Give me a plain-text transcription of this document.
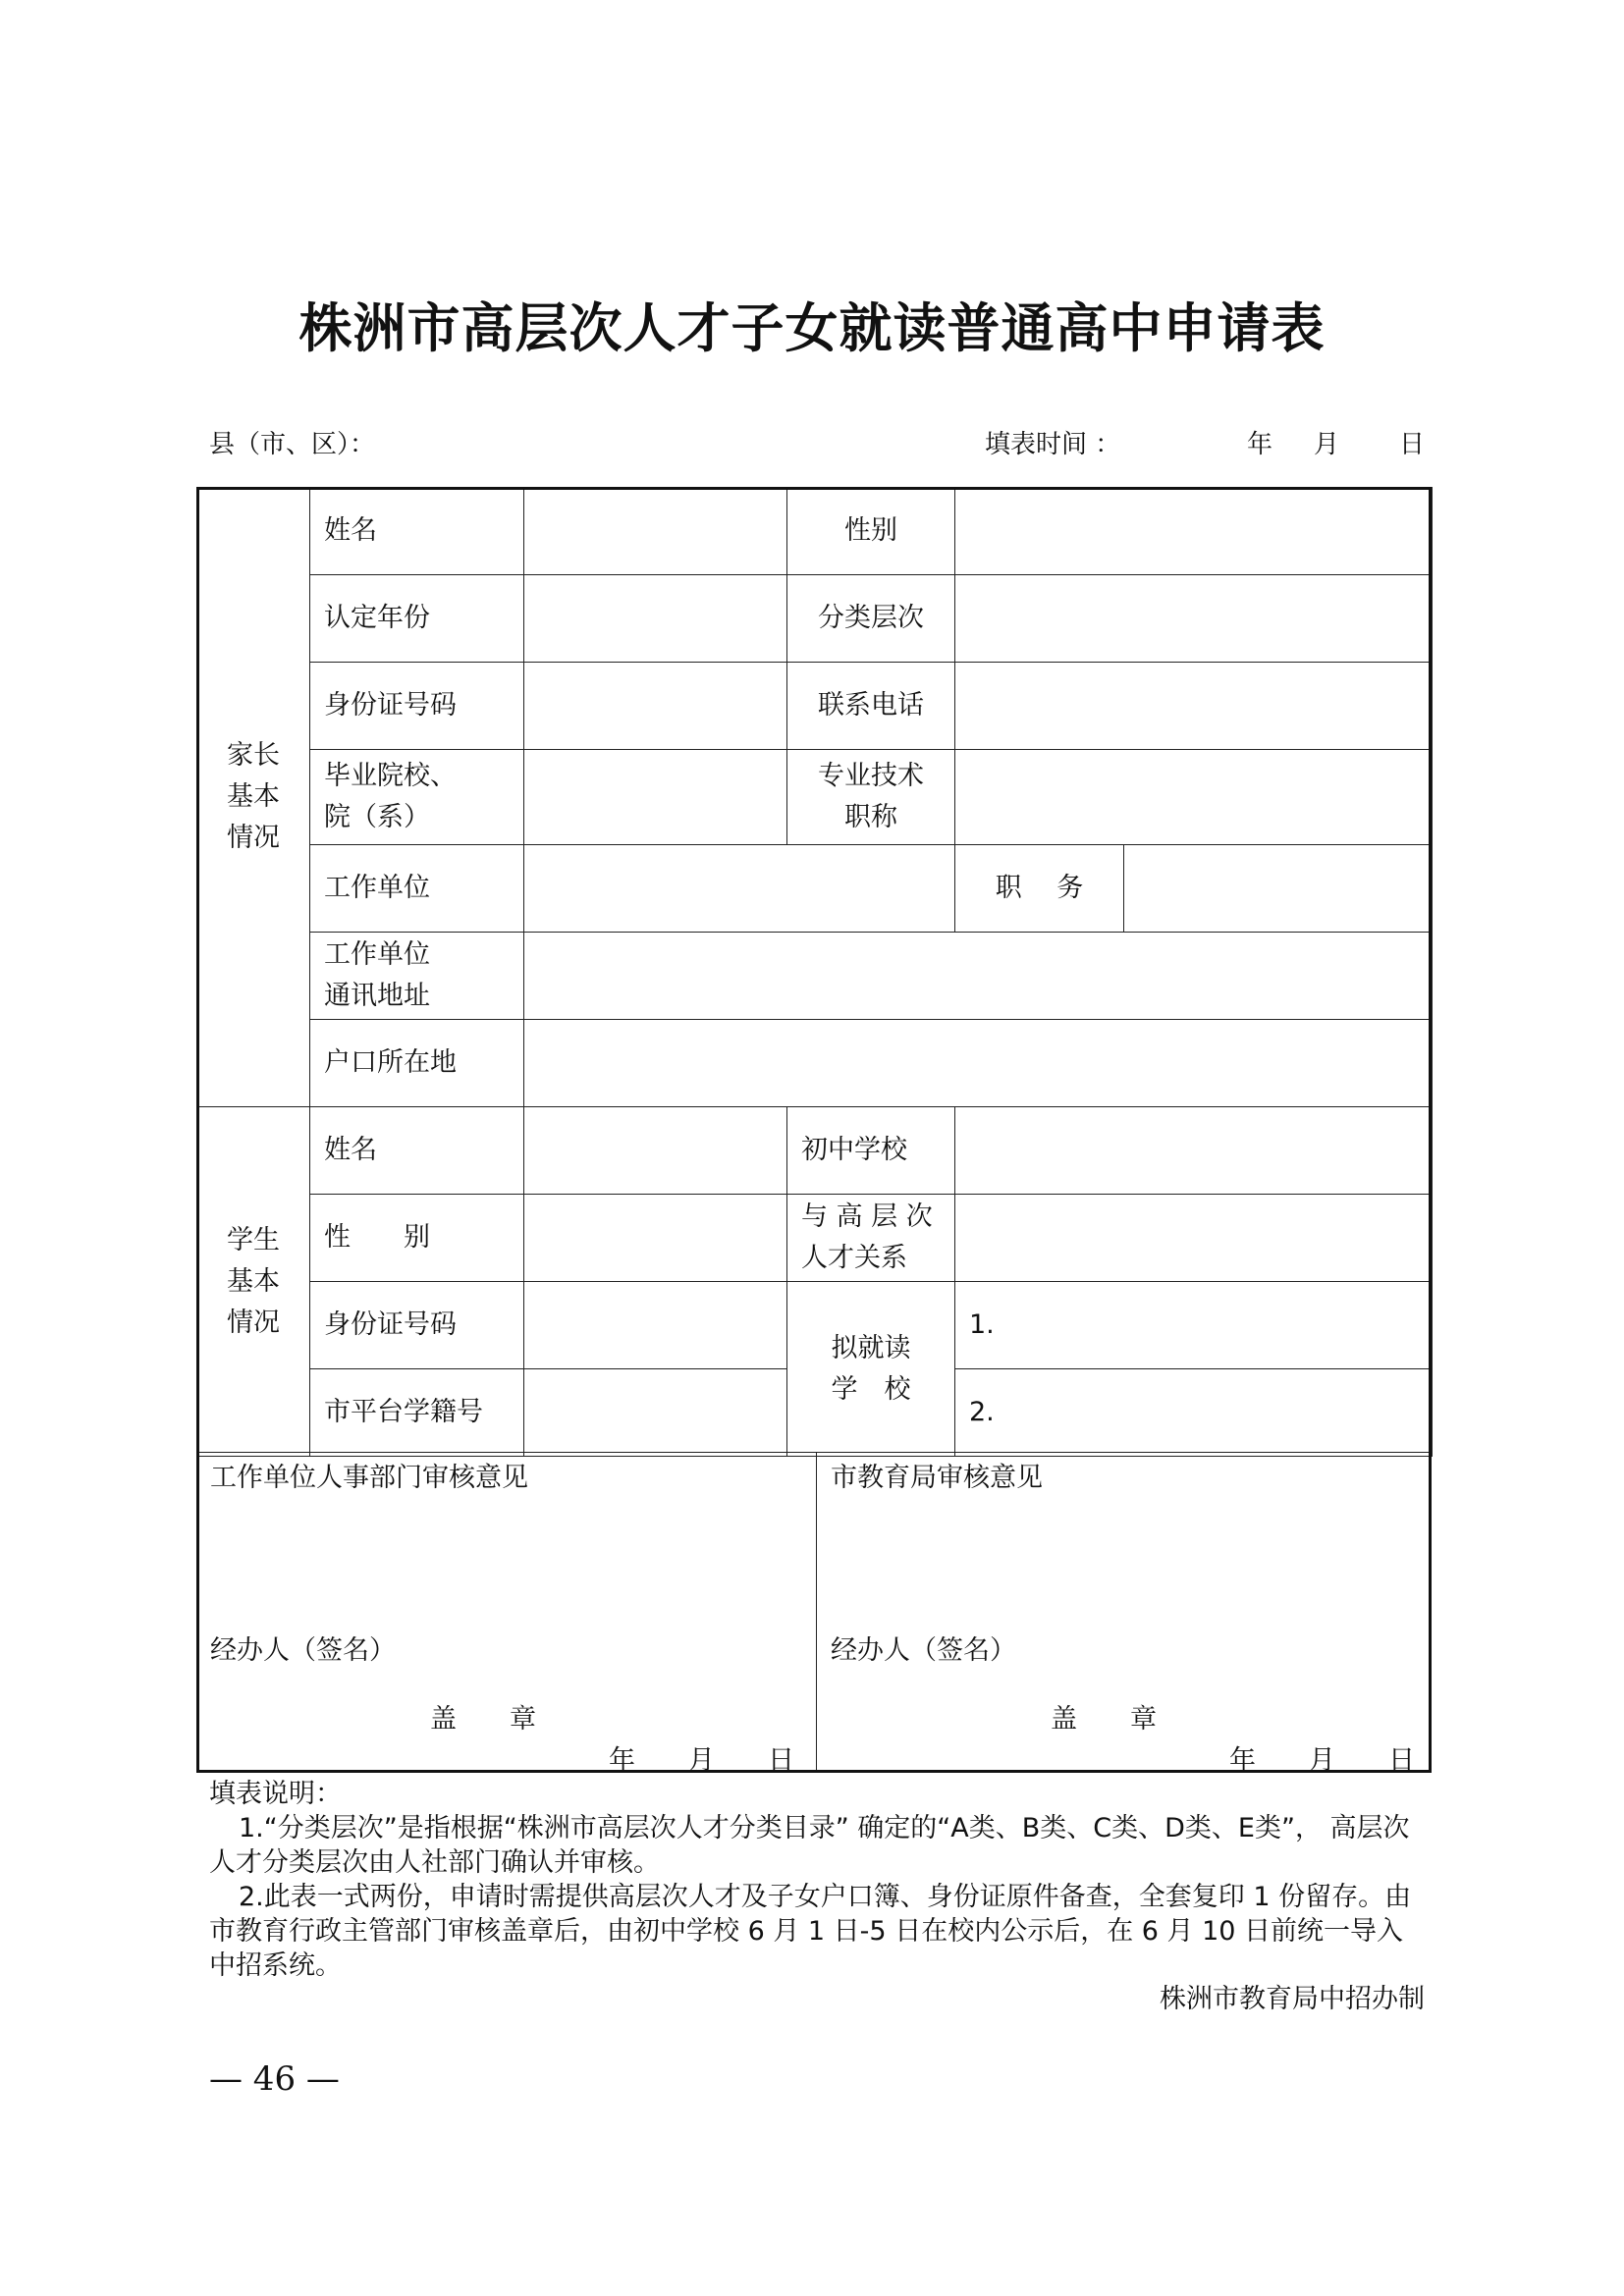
株洲市高层次人才子女就读普通高中申请表
县（市、区）：	填表时间 ：	年 月 日
家长
基本
情况	姓名		性别		
	认定年份		分类层次		
	身份证号码		联系电话		
	毕业院校、
院（系）		专业技术
职称		
	工作单位			职　 务	
	工作单位
通讯地址				
	户口所在地				
学生
基本
情况	姓名		初中学校		
	性　　别		与 高 层 次
人才关系		
	身份证号码		拟就读
学　校	1.	
	市平台学籍号			2.	
工作单位人事部门审核意见
经办人（签名）
盖　　章
年　　月　　日
市教育局审核意见
经办人（签名）
盖　　章
年　　月　　日

填表说明：

1.“分类层次”是指根据“株洲市高层次人才分类目录” 确定的“A类、B类、C类、D类、E类”， 高层次人才分类层次由人社部门确认并审核。

2.此表一式两份，申请时需提供高层次人才及子女户口簿、身份证原件备查，全套复印 1 份留存。由市教育行政主管部门审核盖章后，由初中学校 6 月 1 日-5 日在校内公示后，在 6 月 10 日前统一导入中招系统。

株洲市教育局中招办制
— 46 —
